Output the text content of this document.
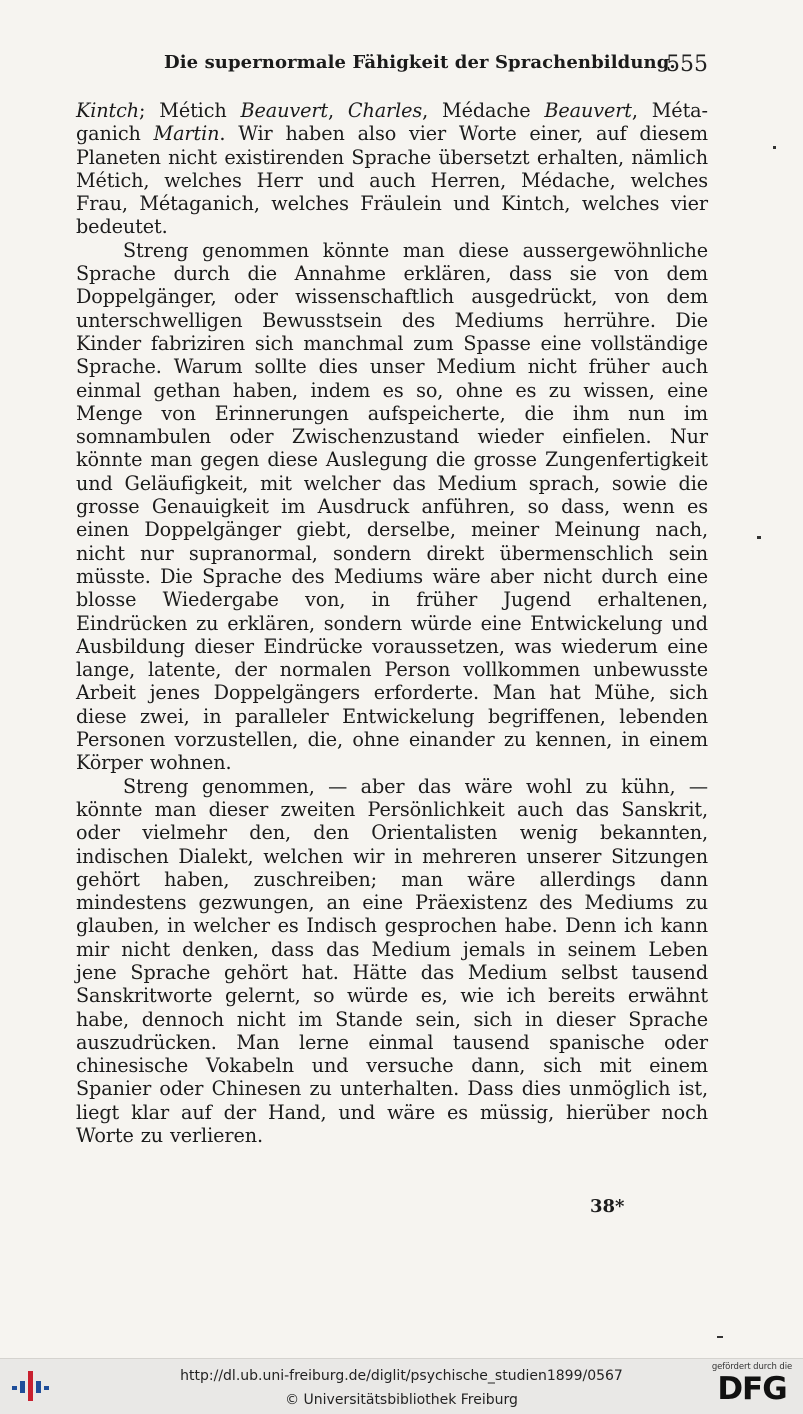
Die supernormale Fähigkeit der Sprachenbildung.
555

Kintch; Métich Beauvert, Charles, Médache Beauvert, Métaganich Martin. Wir haben also vier Worte einer, auf diesem Planeten nicht existirenden Sprache übersetzt erhalten, nämlich Métich, welches Herr und auch Herren, Médache, welches Frau, Métaganich, welches Fräulein und Kintch, welches vier bedeutet.

Streng genommen könnte man diese aussergewöhnliche Sprache durch die Annahme erklären, dass sie von dem Doppelgänger, oder wissenschaftlich ausgedrückt, von dem unterschwelligen Bewusstsein des Mediums herrühre. Die Kinder fabriziren sich manchmal zum Spasse eine vollständige Sprache. Warum sollte dies unser Medium nicht früher auch einmal gethan haben, indem es so, ohne es zu wissen, eine Menge von Erinnerungen aufspeicherte, die ihm nun im somnambulen oder Zwischenzustand wieder einfielen. Nur könnte man gegen diese Auslegung die grosse Zungenfertigkeit und Geläufigkeit, mit welcher das Medium sprach, sowie die grosse Genauigkeit im Ausdruck anführen, so dass, wenn es einen Doppelgänger giebt, derselbe, meiner Meinung nach, nicht nur supranormal, sondern direkt übermenschlich sein müsste. Die Sprache des Mediums wäre aber nicht durch eine blosse Wiedergabe von, in früher Jugend erhaltenen, Eindrücken zu erklären, sondern würde eine Entwickelung und Ausbildung dieser Eindrücke voraussetzen, was wiederum eine lange, latente, der normalen Person vollkommen unbewusste Arbeit jenes Doppelgängers erforderte. Man hat Mühe, sich diese zwei, in paralleler Entwickelung begriffenen, lebenden Personen vorzustellen, die, ohne einander zu kennen, in einem Körper wohnen.

Streng genommen, — aber das wäre wohl zu kühn, — könnte man dieser zweiten Persönlichkeit auch das Sanskrit, oder vielmehr den, den Orientalisten wenig bekannten, indischen Dialekt, welchen wir in mehreren unserer Sitzungen gehört haben, zuschreiben; man wäre allerdings dann mindestens gezwungen, an eine Präexistenz des Mediums zu glauben, in welcher es Indisch gesprochen habe. Denn ich kann mir nicht denken, dass das Medium jemals in seinem Leben jene Sprache gehört hat. Hätte das Medium selbst tausend Sanskritworte gelernt, so würde es, wie ich bereits erwähnt habe, dennoch nicht im Stande sein, sich in dieser Sprache auszudrücken. Man lerne einmal tausend spanische oder chinesische Vokabeln und versuche dann, sich mit einem Spanier oder Chinesen zu unterhalten. Dass dies unmöglich ist, liegt klar auf der Hand, und wäre es müssig, hierüber noch Worte zu verlieren.

38*
http://dl.ub.uni-freiburg.de/diglit/psychische_studien1899/0567
© Universitätsbibliothek Freiburg
gefördert durch die
DFG
